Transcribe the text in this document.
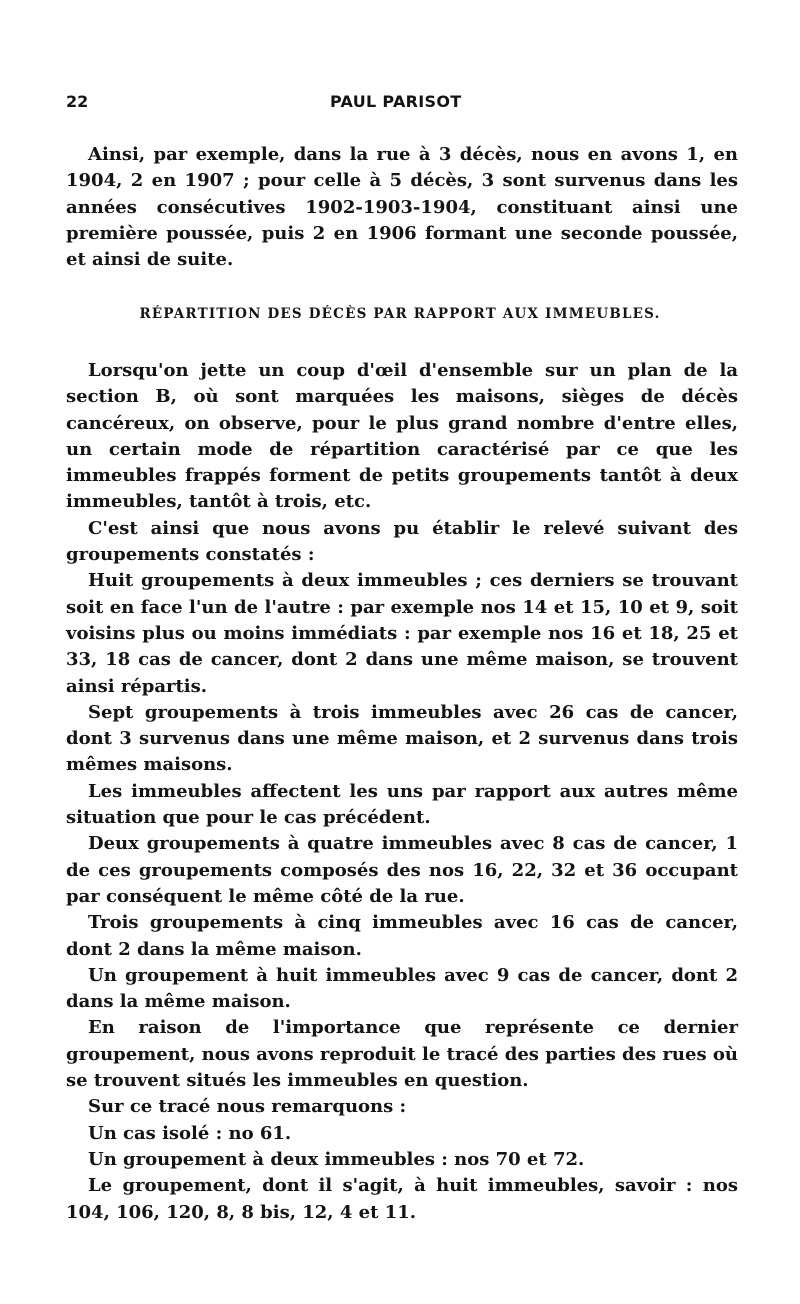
22	PAUL PARISOT

Ainsi, par exemple, dans la rue à 3 décès, nous en avons 1, en 1904, 2 en 1907 ; pour celle à 5 décès, 3 sont survenus dans les années consécutives 1902-1903-1904, constituant ainsi une première poussée, puis 2 en 1906 formant une seconde poussée, et ainsi de suite.

RÉPARTITION DES DÉCÈS PAR RAPPORT AUX IMMEUBLES.

Lorsqu'on jette un coup d'œil d'ensemble sur un plan de la section B, où sont marquées les maisons, sièges de décès cancéreux, on observe, pour le plus grand nombre d'entre elles, un certain mode de répartition caractérisé par ce que les immeubles frappés forment de petits groupements tantôt à deux immeubles, tantôt à trois, etc.

C'est ainsi que nous avons pu établir le relevé suivant des groupements constatés :

Huit groupements à deux immeubles ; ces derniers se trouvant soit en face l'un de l'autre : par exemple nos 14 et 15, 10 et 9, soit voisins plus ou moins immédiats : par exemple nos 16 et 18, 25 et 33, 18 cas de cancer, dont 2 dans une même maison, se trouvent ainsi répartis.

Sept groupements à trois immeubles avec 26 cas de cancer, dont 3 survenus dans une même maison, et 2 survenus dans trois mêmes maisons.

Les immeubles affectent les uns par rapport aux autres même situation que pour le cas précédent.

Deux groupements à quatre immeubles avec 8 cas de cancer, 1 de ces groupements composés des nos 16, 22, 32 et 36 occupant par conséquent le même côté de la rue.

Trois groupements à cinq immeubles avec 16 cas de cancer, dont 2 dans la même maison.

Un groupement à huit immeubles avec 9 cas de cancer, dont 2 dans la même maison.

En raison de l'importance que représente ce dernier groupement, nous avons reproduit le tracé des parties des rues où se trouvent situés les immeubles en question.

Sur ce tracé nous remarquons :

Un cas isolé : no 61.

Un groupement à deux immeubles : nos 70 et 72.

Le groupement, dont il s'agit, à huit immeubles, savoir : nos 104, 106, 120, 8, 8 bis, 12, 4 et 11.
